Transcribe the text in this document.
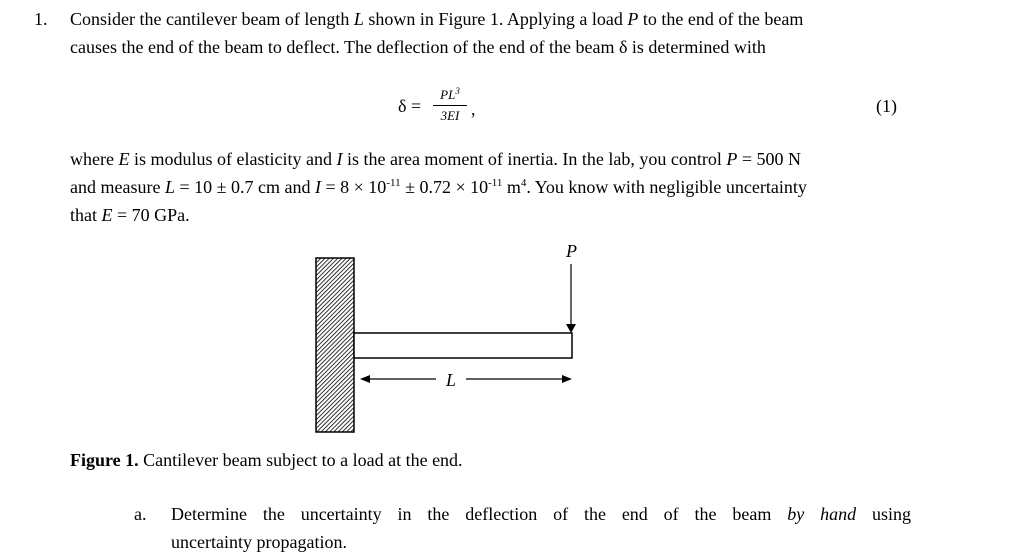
1. Consider the cantilever beam of length L shown in Figure 1. Applying a load P to the end of the beam
causes the end of the beam to deflect. The deflection of the end of the beam δ is determined with
δ =
$PL^3$
3EI ,	(1)
where E is modulus of elasticity and I is the area moment of inertia. In the lab, you control P = 500 N
and measure L = 10 ± 0.7 cm and $I = 8 \times 10^{-11} \pm 0.72 \times 10^{-11}$ $m^4$. You know with negligible uncertainty
that E = 70 GPa.
P
L
Figure 1. Cantilever beam subject to a load at the end.
a. Determine the uncertainty in the deflection of the end of the beam by hand using
uncertainty propagation.
